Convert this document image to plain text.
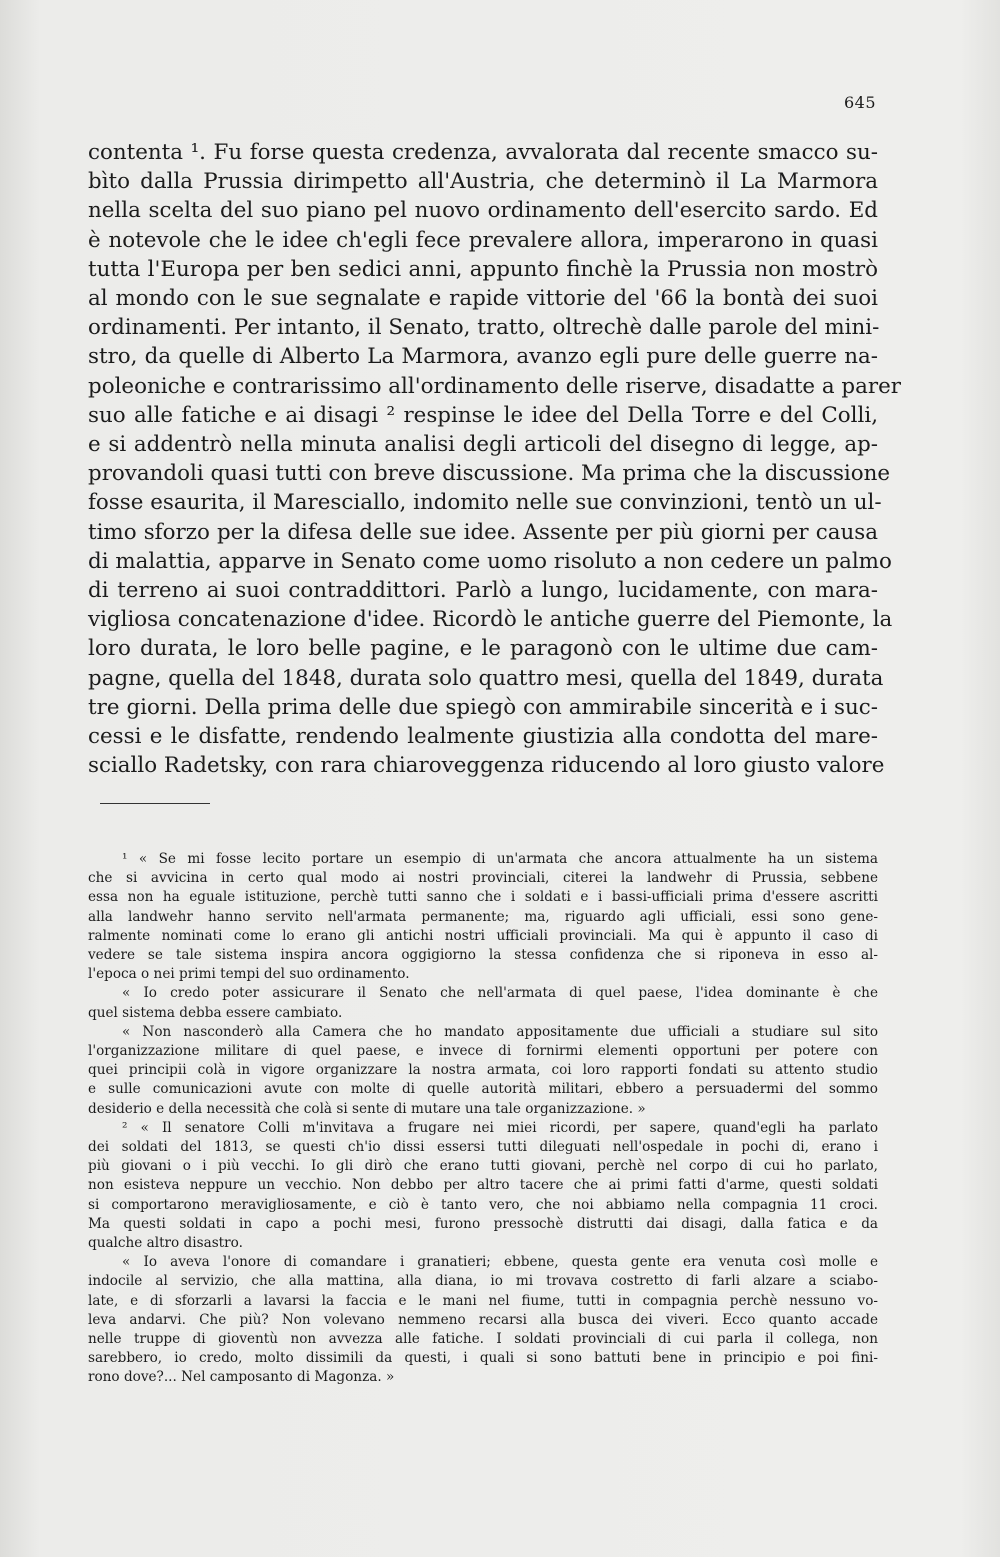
645
contenta ¹. Fu forse questa credenza, avvalorata dal recente smacco su-
bìto dalla Prussia dirimpetto all'Austria, che determinò il La Marmora
nella scelta del suo piano pel nuovo ordinamento dell'esercito sardo. Ed
è notevole che le idee ch'egli fece prevalere allora, imperarono in quasi
tutta l'Europa per ben sedici anni, appunto finchè la Prussia non mostrò
al mondo con le sue segnalate e rapide vittorie del '66 la bontà dei suoi
ordinamenti. Per intanto, il Senato, tratto, oltrechè dalle parole del mini-
stro, da quelle di Alberto La Marmora, avanzo egli pure delle guerre na-
poleoniche e contrarissimo all'ordinamento delle riserve, disadatte a parer
suo alle fatiche e ai disagi ² respinse le idee del Della Torre e del Colli,
e si addentrò nella minuta analisi degli articoli del disegno di legge, ap-
provandoli quasi tutti con breve discussione. Ma prima che la discussione
fosse esaurita, il Maresciallo, indomito nelle sue convinzioni, tentò un ul-
timo sforzo per la difesa delle sue idee. Assente per più giorni per causa
di malattia, apparve in Senato come uomo risoluto a non cedere un palmo
di terreno ai suoi contraddittori. Parlò a lungo, lucidamente, con mara-
vigliosa concatenazione d'idee. Ricordò le antiche guerre del Piemonte, la
loro durata, le loro belle pagine, e le paragonò con le ultime due cam-
pagne, quella del 1848, durata solo quattro mesi, quella del 1849, durata
tre giorni. Della prima delle due spiegò con ammirabile sincerità e i suc-
cessi e le disfatte, rendendo lealmente giustizia alla condotta del mare-
sciallo Radetsky, con rara chiaroveggenza riducendo al loro giusto valore
¹ « Se mi fosse lecito portare un esempio di un'armata che ancora attualmente ha un sistema
che si avvicina in certo qual modo ai nostri provinciali, citerei la landwehr di Prussia, sebbene
essa non ha eguale istituzione, perchè tutti sanno che i soldati e i bassi-ufficiali prima d'essere ascritti
alla landwehr hanno servito nell'armata permanente; ma, riguardo agli ufficiali, essi sono gene-
ralmente nominati come lo erano gli antichi nostri ufficiali provinciali. Ma qui è appunto il caso di
vedere se tale sistema inspira ancora oggigiorno la stessa confidenza che si riponeva in esso al-
l'epoca o nei primi tempi del suo ordinamento.
« Io credo poter assicurare il Senato che nell'armata di quel paese, l'idea dominante è che
quel sistema debba essere cambiato.
« Non nasconderò alla Camera che ho mandato appositamente due ufficiali a studiare sul sito
l'organizzazione militare di quel paese, e invece di fornirmi elementi opportuni per potere con
quei principii colà in vigore organizzare la nostra armata, coi loro rapporti fondati su attento studio
e sulle comunicazioni avute con molte di quelle autorità militari, ebbero a persuadermi del sommo
desiderio e della necessità che colà si sente di mutare una tale organizzazione. »
² « Il senatore Colli m'invitava a frugare nei miei ricordi, per sapere, quand'egli ha parlato
dei soldati del 1813, se questi ch'io dissi essersi tutti dileguati nell'ospedale in pochi di, erano i
più giovani o i più vecchi. Io gli dirò che erano tutti giovani, perchè nel corpo di cui ho parlato,
non esisteva neppure un vecchio. Non debbo per altro tacere che ai primi fatti d'arme, questi soldati
si comportarono meravigliosamente, e ciò è tanto vero, che noi abbiamo nella compagnia 11 croci.
Ma questi soldati in capo a pochi mesi, furono pressochè distrutti dai disagi, dalla fatica e da
qualche altro disastro.
« Io aveva l'onore di comandare i granatieri; ebbene, questa gente era venuta così molle e
indocile al servizio, che alla mattina, alla diana, io mi trovava costretto di farli alzare a sciabo-
late, e di sforzarli a lavarsi la faccia e le mani nel fiume, tutti in compagnia perchè nessuno vo-
leva andarvi. Che più? Non volevano nemmeno recarsi alla busca dei viveri. Ecco quanto accade
nelle truppe di gioventù non avvezza alle fatiche. I soldati provinciali di cui parla il collega, non
sarebbero, io credo, molto dissimili da questi, i quali si sono battuti bene in principio e poi fini-
rono dove?... Nel camposanto di Magonza. »
